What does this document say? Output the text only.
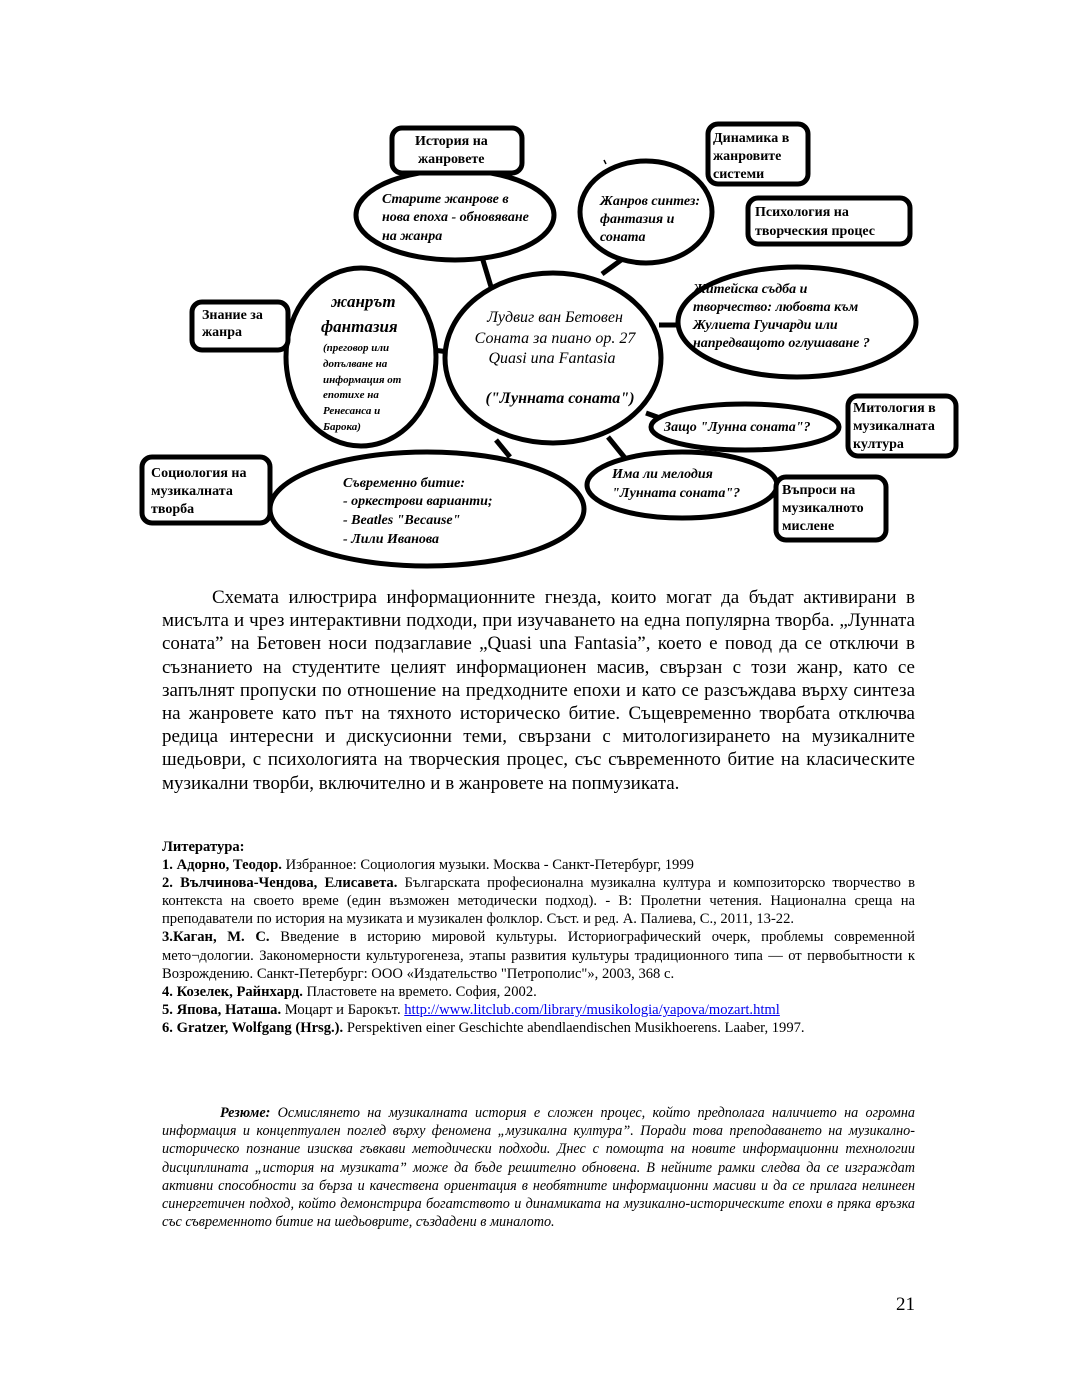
История на
жанровете
Динамика в
жанровите
системи
Психология на
творческия процес
Знание за
жанра
Митология в
музикалната
култура
Социология на
музикалната
творба
Въпроси на
музикалното
мислене
Старите жанрове в
нова епоха - обновяване
на жанра
Жанров синтез:
фантазия и
соната
Житейска съдба и
творчество: любовта към
Жулиета Гуичарди или
напредващото оглушаване ?
Защо "Лунна соната"?
Има ли мелодия
"Лунната соната"?
Съвременно битие:
- оркестрови варианти;
- Beatles "Because"
- Лили Иванова
жанрът
фантазия
(преговор или
допълване на
информация от
епотихе на
Ренесанса и
Барока)
Лудвиг ван Бетовен
Соната за пиано ор. 27
Quasi una Fantasia
("Лунната соната")

Схемата илюстрира информационните гнезда, които могат да бъдат активирани в мисълта и чрез интерактивни подходи, при изучаването на една популярна творба. „Лунната соната” на Бетовен носи подзаглавие „Quasi una Fantasia”, което е повод да се отключи в съзнанието на студентите целият информационен масив, свързан с този жанр, като се запълнят пропуски по отношение на предходните епохи и като се разсъждава върху синтеза на жанровете като път на тяхното историческо битие. Същевременно творбата отключва редица интересни и дискусионни теми, свързани с митологизирането на музикалните шедьоври, с психологията на творческия процес, със съвременното битие на класическите музикални творби, включително и в жанровете на попмузиката.

Литература:
1. Адорно, Теодор. Избранное: Социология музыки. Москва - Санкт-Петербург, 1999
2. Вълчинова-Чендова, Елисавета. Българската професионална музикална култура и композиторско творчество в контекста на своето време (един възможен методически подход). - В: Пролетни четения. Национална среща на преподаватели по история на музиката и музикален фолклор. Съст. и ред. А. Палиева, С., 2011, 13-22.
3.Каган, М. С. Введение в историю мировой культуры. Историографический очерк, проблемы современной мето¬дологии. Закономерности культурогенеза, этапы развития культуры традиционного типа — от первобытности к Возрождению. Санкт-Петербург: ООО «Издательство "Петрополис"», 2003, 368 с.
4. Козелек, Райнхард. Пластовете на времето. София, 2002.
5. Япова, Наташа. Моцарт и Барокът. http://www.litclub.com/library/musikologia/yapova/mozart.html
6. Gratzer, Wolfgang (Hrsg.). Perspektiven einer Geschichte abendlaendischen Musikhoerens. Laaber, 1997.

Резюме: Осмислянето на музикалната история е сложен процес, който предполага наличието на огромна информация и концептуален поглед върху феномена „музикална култура”. Поради това преподаването на музикално-историческо познание изисква гъвкави методически подходи. Днес с помощта на новите информационни технологии дисциплината „история на музиката” може да бъде решително обновена. В нейните рамки следва да се изграждат активни способности за бърза и качествена ориентация в необятните информационни масиви и да се прилага нелинеен синергетичен подход, който демонстрира богатството и динамиката на музикално-историческите епохи в пряка връзка със съвременното битие на шедьоврите, създадени в миналото.

21
